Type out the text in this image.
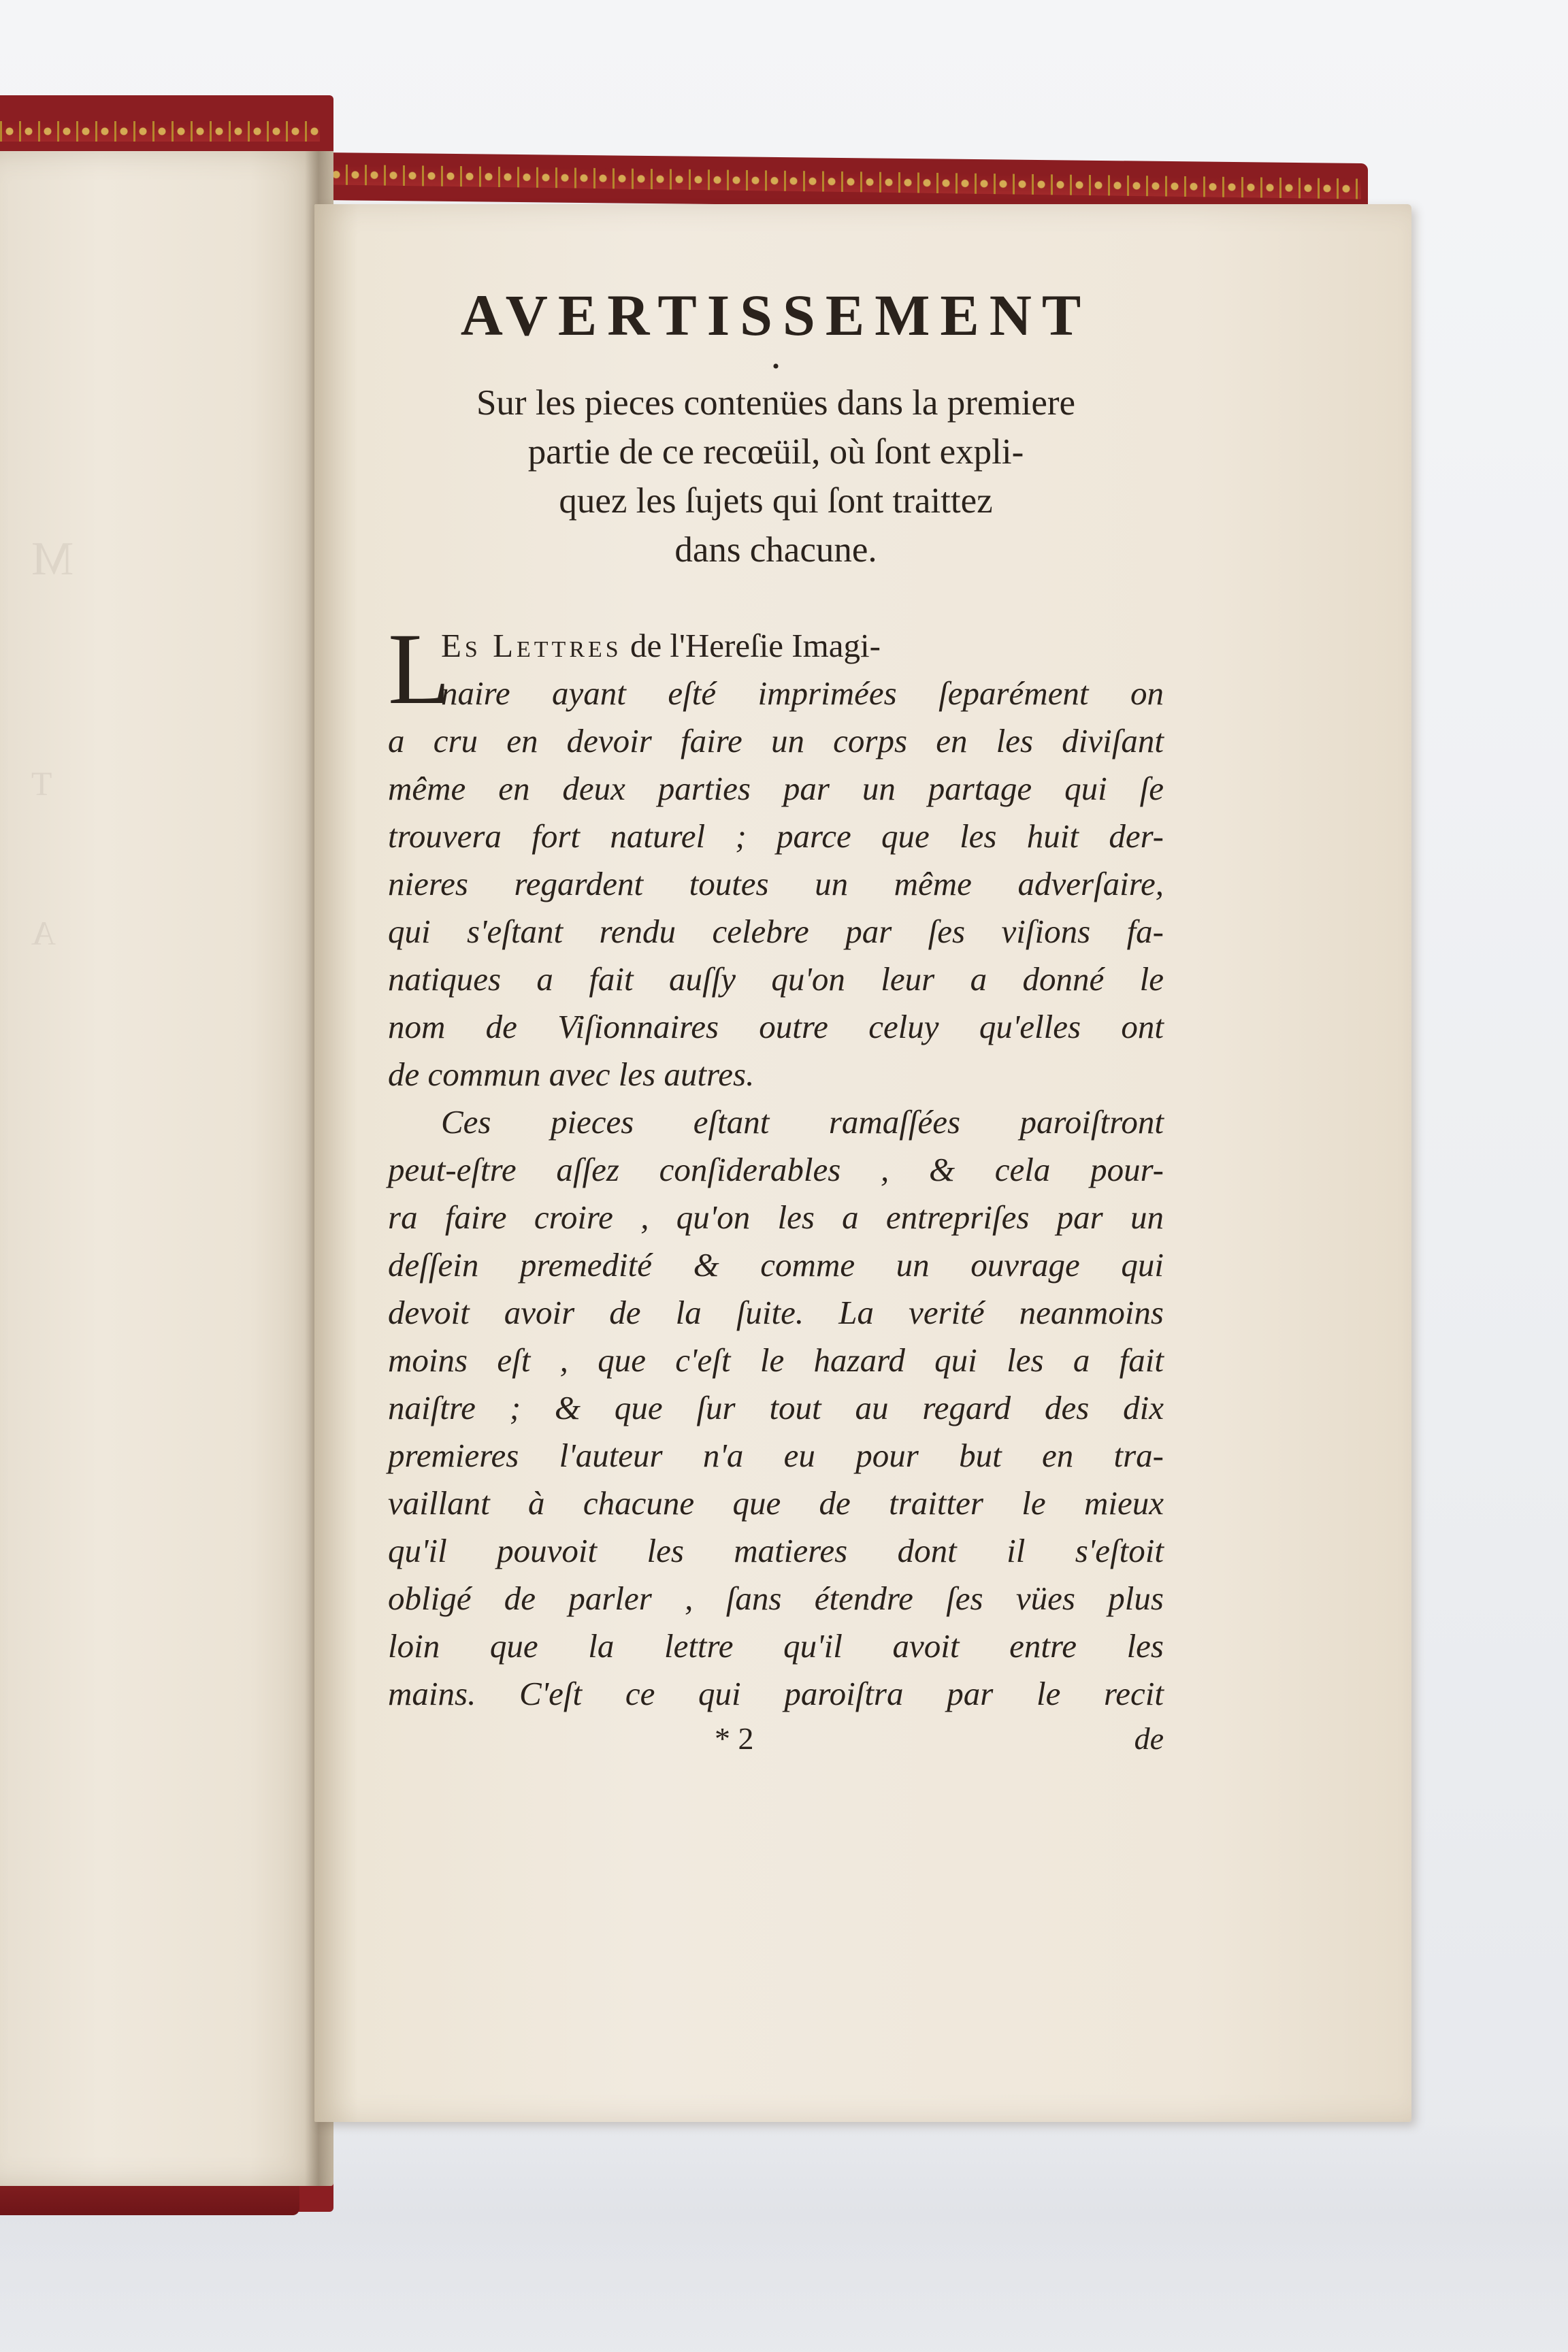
M
T
A
AVERTISSEMENT
•
Sur les pieces contenües dans la premiere
partie de ce recœüil, où ſont expli-
quez les ſujets qui ſont traittez
dans chacune.
L
Es Lettres de l'Hereſie Imagi-
naire ayant eſté imprimées ſeparément on
a cru en devoir faire un corps en les diviſant
même en deux parties par un partage qui ſe
trouvera fort naturel ; parce que les huit der-
nieres regardent toutes un même adverſaire,
qui s'eſtant rendu celebre par ſes viſions fa-
natiques a fait auſſy qu'on leur a donné le
nom de Viſionnaires outre celuy qu'elles ont
de commun avec les autres.
Ces pieces eſtant ramaſſées paroiſtront
peut-eſtre aſſez conſiderables , & cela pour-
ra faire croire , qu'on les a entrepriſes par un
deſſein premedité & comme un ouvrage qui
devoit avoir de la ſuite. La verité neanmoins
moins eſt , que c'eſt le hazard qui les a fait
naiſtre ; & que ſur tout au regard des dix
premieres l'auteur n'a eu pour but en tra-
vaillant à chacune que de traitter le mieux
qu'il pouvoit les matieres dont il s'eſtoit
obligé de parler , ſans étendre ſes vües plus
loin que la lettre qu'il avoit entre les
mains. C'eſt ce qui paroiſtra par le recit
* 2	de
